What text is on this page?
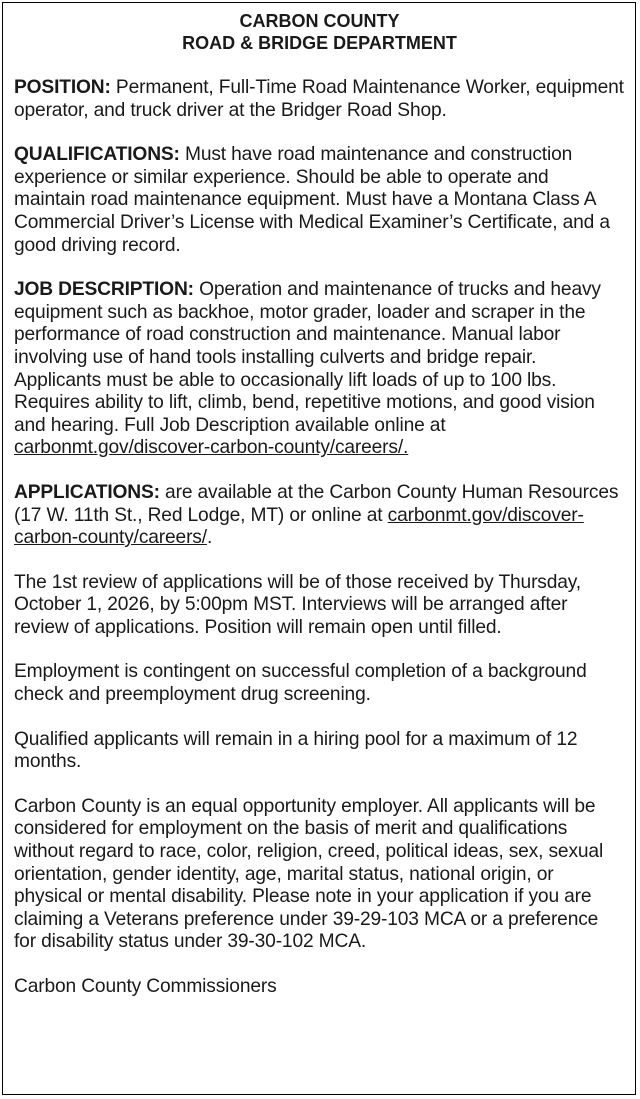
CARBON COUNTY
ROAD & BRIDGE DEPARTMENT

POSITION: Permanent, Full-Time Road Maintenance Worker, equipment operator, and truck driver at the Bridger Road Shop.

QUALIFICATIONS: Must have road maintenance and construction experience or similar experience. Should be able to operate and maintain road maintenance equipment. Must have a Montana Class A Commercial Driver’s License with Medical Examiner’s Certificate, and a good driving record.

JOB DESCRIPTION: Operation and maintenance of trucks and heavy equipment such as backhoe, motor grader, loader and scraper in the performance of road construction and maintenance. Manual labor involving use of hand tools installing culverts and bridge repair. Applicants must be able to occasionally lift loads of up to 100 lbs. Requires ability to lift, climb, bend, repetitive motions, and good vision and hearing. Full Job Description available online at carbonmt.gov/discover-carbon-county/careers/.

APPLICATIONS: are available at the Carbon County Human Resources (17 W. 11th St., Red Lodge, MT) or online at carbonmt.gov/discover-carbon-county/careers/.

The 1st review of applications will be of those received by Thursday, October 1, 2026, by 5:00pm MST. Interviews will be arranged after review of applications. Position will remain open until filled.

Employment is contingent on successful completion of a background check and preemployment drug screening.

Qualified applicants will remain in a hiring pool for a maximum of 12 months.

Carbon County is an equal opportunity employer. All applicants will be considered for employment on the basis of merit and qualifications without regard to race, color, religion, creed, political ideas, sex, sexual orientation, gender identity, age, marital status, national origin, or physical or mental disability. Please note in your application if you are claiming a Veterans preference under 39-29-103 MCA or a preference for disability status under 39-30-102 MCA.

Carbon County Commissioners
